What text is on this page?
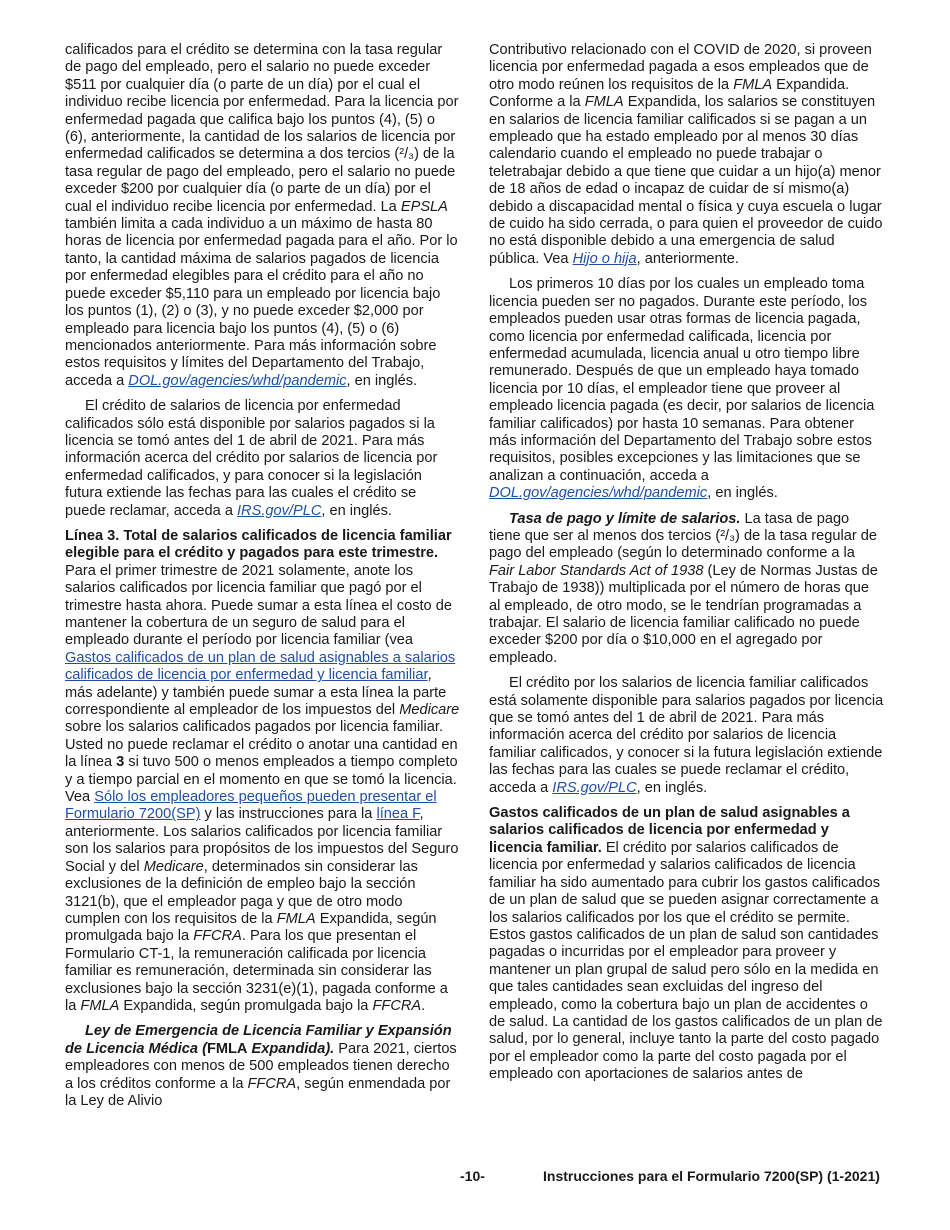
calificados para el crédito se determina con la tasa regular de pago del empleado, pero el salario no puede exceder $511 por cualquier día (o parte de un día) por el cual el individuo recibe licencia por enfermedad. Para la licencia por enfermedad pagada que califica bajo los puntos (4), (5) o (6), anteriormente, la cantidad de los salarios de licencia por enfermedad calificados se determina a dos tercios (²/₃) de la tasa regular de pago del empleado, pero el salario no puede exceder $200 por cualquier día (o parte de un día) por el cual el individuo recibe licencia por enfermedad. La EPSLA también limita a cada individuo a un máximo de hasta 80 horas de licencia por enfermedad pagada para el año. Por lo tanto, la cantidad máxima de salarios pagados de licencia por enfermedad elegibles para el crédito para el año no puede exceder $5,110 para un empleado por licencia bajo los puntos (1), (2) o (3), y no puede exceder $2,000 por empleado para licencia bajo los puntos (4), (5) o (6) mencionados anteriormente. Para más información sobre estos requisitos y límites del Departamento del Trabajo, acceda a DOL.gov/agencies/whd/pandemic, en inglés.

El crédito de salarios de licencia por enfermedad calificados sólo está disponible por salarios pagados si la licencia se tomó antes del 1 de abril de 2021. Para más información acerca del crédito por salarios de licencia por enfermedad calificados, y para conocer si la legislación futura extiende las fechas para las cuales el crédito se puede reclamar, acceda a IRS.gov/PLC, en inglés.

Línea 3. Total de salarios calificados de licencia familiar elegible para el crédito y pagados para este trimestre. Para el primer trimestre de 2021 solamente, anote los salarios calificados por licencia familiar que pagó por el trimestre hasta ahora. Puede sumar a esta línea el costo de mantener la cobertura de un seguro de salud para el empleado durante el período por licencia familiar (vea Gastos calificados de un plan de salud asignables a salarios calificados de licencia por enfermedad y licencia familiar, más adelante) y también puede sumar a esta línea la parte correspondiente al empleador de los impuestos del Medicare sobre los salarios calificados pagados por licencia familiar. Usted no puede reclamar el crédito o anotar una cantidad en la línea 3 si tuvo 500 o menos empleados a tiempo completo y a tiempo parcial en el momento en que se tomó la licencia. Vea Sólo los empleadores pequeños pueden presentar el Formulario 7200(SP) y las instrucciones para la línea F, anteriormente. Los salarios calificados por licencia familiar son los salarios para propósitos de los impuestos del Seguro Social y del Medicare, determinados sin considerar las exclusiones de la definición de empleo bajo la sección 3121(b), que el empleador paga y que de otro modo cumplen con los requisitos de la FMLA Expandida, según promulgada bajo la FFCRA. Para los que presentan el Formulario CT-1, la remuneración calificada por licencia familiar es remuneración, determinada sin considerar las exclusiones bajo la sección 3231(e)(1), pagada conforme a la FMLA Expandida, según promulgada bajo la FFCRA.

Ley de Emergencia de Licencia Familiar y Expansión de Licencia Médica (FMLA Expandida). Para 2021, ciertos empleadores con menos de 500 empleados tienen derecho a los créditos conforme a la FFCRA, según enmendada por la Ley de Alivio

Contributivo relacionado con el COVID de 2020, si proveen licencia por enfermedad pagada a esos empleados que de otro modo reúnen los requisitos de la FMLA Expandida. Conforme a la FMLA Expandida, los salarios se constituyen en salarios de licencia familiar calificados si se pagan a un empleado que ha estado empleado por al menos 30 días calendario cuando el empleado no puede trabajar o teletrabajar debido a que tiene que cuidar a un hijo(a) menor de 18 años de edad o incapaz de cuidar de sí mismo(a) debido a discapacidad mental o física y cuya escuela o lugar de cuido ha sido cerrada, o para quien el proveedor de cuido no está disponible debido a una emergencia de salud pública. Vea Hijo o hija, anteriormente.

Los primeros 10 días por los cuales un empleado toma licencia pueden ser no pagados. Durante este período, los empleados pueden usar otras formas de licencia pagada, como licencia por enfermedad calificada, licencia por enfermedad acumulada, licencia anual u otro tiempo libre remunerado. Después de que un empleado haya tomado licencia por 10 días, el empleador tiene que proveer al empleado licencia pagada (es decir, por salarios de licencia familiar calificados) por hasta 10 semanas. Para obtener más información del Departamento del Trabajo sobre estos requisitos, posibles excepciones y las limitaciones que se analizan a continuación, acceda a DOL.gov/agencies/whd/pandemic, en inglés.

Tasa de pago y límite de salarios. La tasa de pago tiene que ser al menos dos tercios (²/₃) de la tasa regular de pago del empleado (según lo determinado conforme a la Fair Labor Standards Act of 1938 (Ley de Normas Justas de Trabajo de 1938)) multiplicada por el número de horas que al empleado, de otro modo, se le tendrían programadas a trabajar. El salario de licencia familiar calificado no puede exceder $200 por día o $10,000 en el agregado por empleado.

El crédito por los salarios de licencia familiar calificados está solamente disponible para salarios pagados por licencia que se tomó antes del 1 de abril de 2021. Para más información acerca del crédito por salarios de licencia familiar calificados, y conocer si la futura legislación extiende las fechas para las cuales se puede reclamar el crédito, acceda a IRS.gov/PLC, en inglés.

Gastos calificados de un plan de salud asignables a salarios calificados de licencia por enfermedad y licencia familiar. El crédito por salarios calificados de licencia por enfermedad y salarios calificados de licencia familiar ha sido aumentado para cubrir los gastos calificados de un plan de salud que se pueden asignar correctamente a los salarios calificados por los que el crédito se permite. Estos gastos calificados de un plan de salud son cantidades pagadas o incurridas por el empleador para proveer y mantener un plan grupal de salud pero sólo en la medida en que tales cantidades sean excluidas del ingreso del empleado, como la cobertura bajo un plan de accidentes o de salud. La cantidad de los gastos calificados de un plan de salud, por lo general, incluye tanto la parte del costo pagado por el empleador como la parte del costo pagada por el empleado con aportaciones de salarios antes de

-10-	Instrucciones para el Formulario 7200(SP) (1-2021)
